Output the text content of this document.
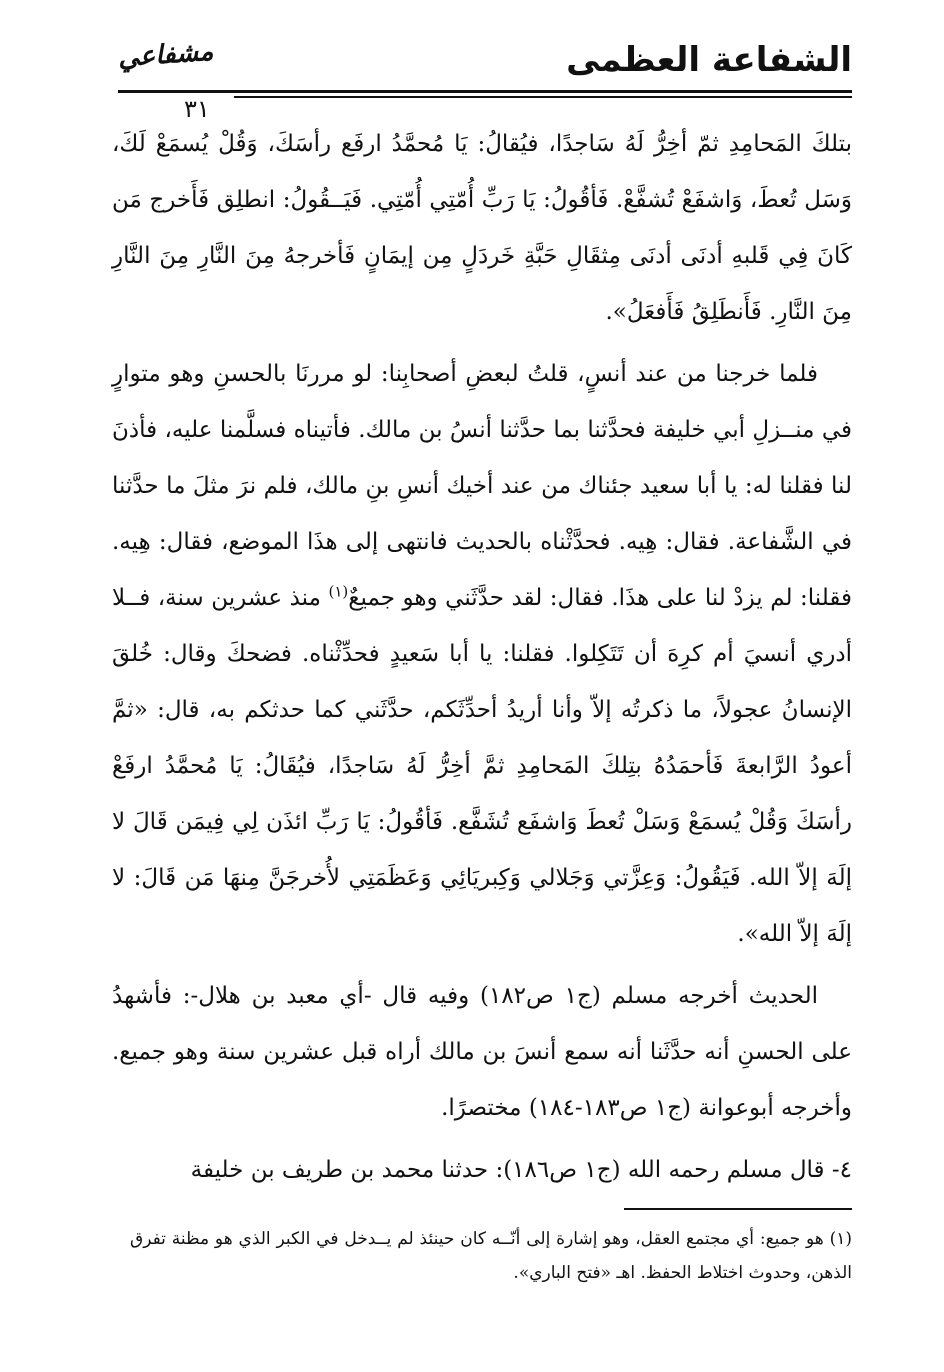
الشفاعة العظمى
٣١
مشفاعي

بتلكَ المَحامِدِ ثمّ أخِرُّ لَهُ سَاجدًا، فيُقالُ: يَا مُحمَّدُ ارفَع رأسَكَ، وَقُلْ يُسمَعْ لَكَ، وَسَل تُعطَ، وَاشفَعْ تُشفَّعْ. فَأقُولُ: يَا رَبِّ أُمّتِي أُمّتِي. فَيَــقُولُ: انطلِق فَأَخرج مَن كَانَ فِي قَلبهِ أدنَى أدنَى مِثقَالِ حَبَّةِ خَردَلٍ مِن إيمَانٍ فَأخرجهُ مِنَ النَّارِ مِنَ النَّارِ مِنَ النَّارِ. فَأَنطَلِقُ فَأَفعَلُ».

فلما خرجنا من عند أنسٍ، قلتُ لبعضِ أصحابِنا: لو مررنَا بالحسنِ وهو متوارٍ في منــزلِ أبي خليفة فحدَّثنا بما حدَّثنا أنسُ بن مالك. فأتيناه فسلَّمنا عليه، فأذنَ لنا فقلنا له: يا أبا سعيد جئناك من عند أخيك أنسِ بنِ مالك، فلم نرَ مثلَ ما حدَّثنا في الشَّفاعة. فقال: هِيه. فحدَّثْناه بالحديث فانتهى إلى هذَا الموضع، فقال: هِيه. فقلنا: لم يزدْ لنا على هذَا. فقال: لقد حدَّثَني وهو جميعٌ$^{(١)}$ منذ عشرين سنة، فــلا أدري أنسيَ أم كرِهَ أن تَتَكِلوا. فقلنا: يا أبا سَعيدٍ فحدِّثْناه. فضحكَ وقال: خُلقَ الإنسانُ عجولاً، ما ذكرتُه إلاّ وأنا أريدُ أحدِّثَكم، حدَّثَني كما حدثكم به، قال: «ثمَّ أعودُ الرَّابعةَ فَأحمَدُهُ بتِلكَ المَحامِدِ ثمَّ أخِرُّ لَهُ سَاجدًا، فيُقَالُ: يَا مُحمَّدُ ارفَعْ رأسَكَ وَقُلْ يُسمَعْ وَسَلْ تُعطَ وَاشفَع تُشَفَّع. فَأقُولُ: يَا رَبِّ ائذَن لِي فِيمَن قَالَ لا إلَهَ إلاّ الله. فَيَقُولُ: وَعِزَّتي وَجَلالي وَكِبريَائِي وَعَظَمَتِي لأُخرجَنَّ مِنهَا مَن قَالَ: لا إلَهَ إلاّ الله».

الحديث أخرجه مسلم (ج١ ص١٨٢) وفيه قال -أي معبد بن هلال-: فأشهدُ على الحسنِ أنه حدَّثَنا أنه سمع أنسَ بن مالك أراه قبل عشرين سنة وهو جميع. وأخرجه أبوعوانة (ج١ ص١٨٣-١٨٤) مختصرًا.

٤- قال مسلم رحمه الله (ج١ ص١٨٦): حدثنا محمد بن طريف بن خليفة

(١) هو جميع: أي مجتمع العقل، وهو إشارة إلى أنّــه كان حينئذ لم يــدخل في الكبر الذي هو مظنة تفرق الذهن، وحدوث اختلاط الحفظ. اهـ «فتح الباري».
